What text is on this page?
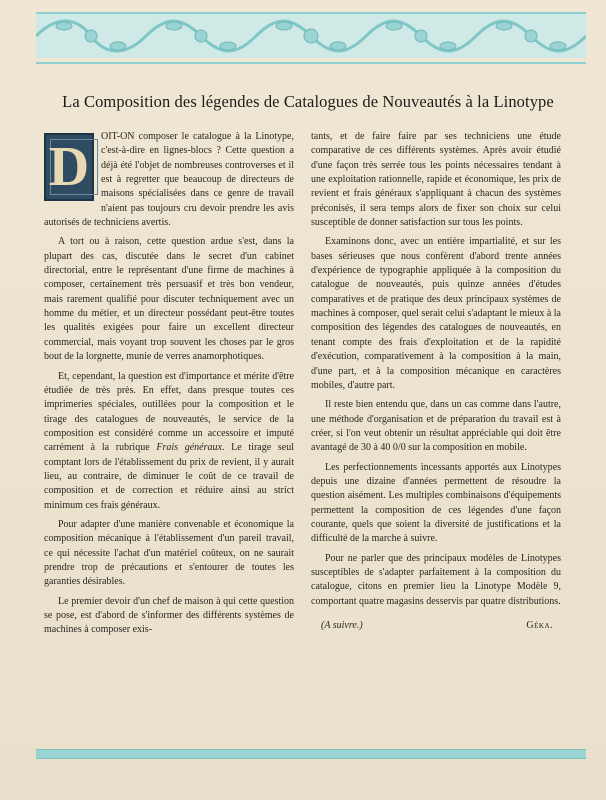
La Composition des légendes de Catalogues de Nouveautés à la Linotype

D OIT-ON composer le catalogue à la Linotype, c'est-à-dire en lignes-blocs ? Cette question a déjà été l'objet de nombreuses controverses et il est à regretter que beaucoup de directeurs de maisons spécialisées dans ce genre de travail n'aient pas toujours cru devoir prendre les avis autorisés de techniciens avertis.

A tort ou à raison, cette question ardue s'est, dans la plupart des cas, discutée dans le secret d'un cabinet directorial, entre le représentant d'une firme de machines à composer, certainement très persuasif et très bon vendeur, mais rarement qualifié pour discuter techniquement avec un homme du métier, et un directeur possédant peut-être toutes les qualités exigées pour faire un excellent directeur commercial, mais voyant trop souvent les choses par le gros bout de la lorgnette, munie de verres anamorphotiques.

Et, cependant, la question est d'importance et mérite d'être étudiée de très près. En effet, dans presque toutes ces imprimeries spéciales, outillées pour la composition et le tirage des catalogues de nouveautés, le service de la composition est considéré comme un accessoire et imputé carrément à la rubrique Frais généraux. Le tirage seul comptant lors de l'établissement du prix de revient, il y aurait lieu, au contraire, de diminuer le coût de ce travail de composition et de correction et réduire ainsi au strict minimum ces frais généraux.

Pour adapter d'une manière convenable et économique la composition mécanique à l'établissement d'un pareil travail, ce qui nécessite l'achat d'un matériel coûteux, on ne saurait prendre trop de précautions et s'entourer de toutes les garanties désirables.

Le premier devoir d'un chef de maison à qui cette question se pose, est d'abord de s'informer des différents systèmes de machines à composer exis-

tants, et de faire faire par ses techniciens une étude comparative de ces différents systèmes. Après avoir étudié d'une façon très serrée tous les points nécessaires tendant à une exploitation rationnelle, rapide et économique, les prix de revient et frais généraux s'appliquant à chacun des systèmes préconisés, il sera temps alors de fixer son choix sur celui susceptible de donner satisfaction sur tous les points.

Examinons donc, avec un entière impartialité, et sur les bases sérieuses que nous confèrent d'abord trente années d'expérience de typographie appliquée à la composition du catalogue de nouveautés, puis quinze années d'études comparatives et de pratique des deux principaux systèmes de machines à composer, quel serait celui s'adaptant le mieux à la composition des légendes des catalogues de nouveautés, en tenant compte des frais d'exploitation et de la rapidité d'exécution, comparativement à la composition à la main, d'une part, et à la composition mécanique en caractères mobiles, d'autre part.

Il reste bien entendu que, dans un cas comme dans l'autre, une méthode d'organisation et de préparation du travail est à créer, si l'on veut obtenir un résultat appréciable qui doit être avantagé de 30 à 40 0/0 sur la composition en mobile.

Les perfectionnements incessants apportés aux Linotypes depuis une dizaine d'années permettent de résoudre la question aisément. Les multiples combinaisons d'équipements permettent la composition de ces légendes d'une façon courante, quels que soient la diversité de justifications et la difficulté de la marche à suivre.

Pour ne parler que des principaux modèles de Linotypes susceptibles de s'adapter parfaitement à la composition du catalogue, citons en premier lieu la Linotype Modèle 9, comportant quatre magasins desservis par quatre distributions.

(A suivre.)	Géka.
